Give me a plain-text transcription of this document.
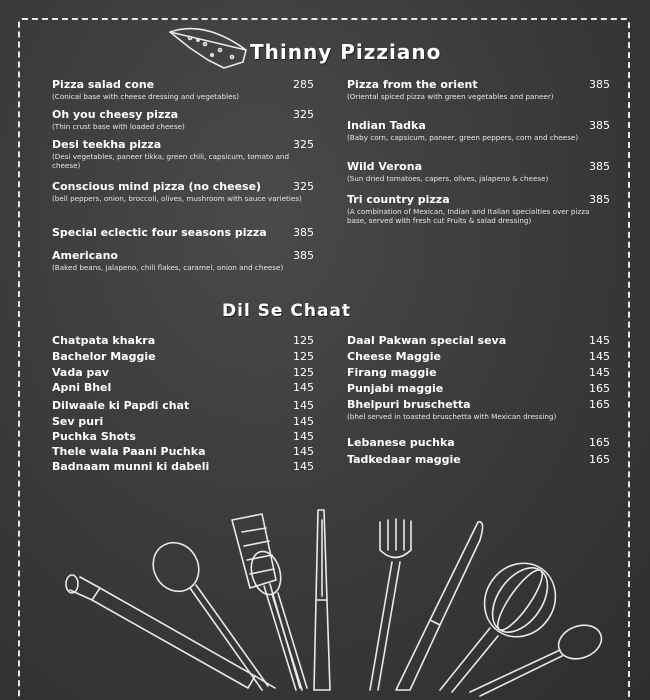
Thinny Pizziano
Dil Se Chaat
Pizza salad cone	285
(Conical base with cheese dressing and vegetables)
Oh you cheesy pizza	325
(Thin crust base with loaded cheese)
Desi teekha pizza	325
(Desi vegetables, paneer tikka, green chili, capsicum, tomato and cheese)
Conscious mind pizza (no cheese)	325
(bell peppers, onion, broccoli, olives, mushroom with sauce varieties)
Special eclectic four seasons pizza	385
Americano	385
(Baked beans, jalapeno, chili flakes, caramel, onion and cheese)
Pizza from the orient	385
(Oriental spiced pizza with green vegetables and paneer)
Indian Tadka	385
(Baby corn, capsicum, paneer, green peppers, corn and cheese)
Wild Verona	385
(Sun dried tomatoes, capers, olives, jalapeno & cheese)
Tri country pizza	385
(A combination of Mexican, Indian and Italian specialties over pizza base, served with fresh cut Fruits & salad dressing)
Chatpata khakra	125
Bachelor Maggie	125
Vada pav	125
Apni Bhel	145
Dilwaale ki Papdi chat	145
Sev puri	145
Puchka Shots	145
Thele wala Paani Puchka	145
Badnaam munni ki dabeli	145
Daal Pakwan special seva	145
Cheese Maggie	145
Firang maggie	145
Punjabi maggie	165
Bhelpuri bruschetta	165
(bhel served in toasted bruschetta with Mexican dressing)
Lebanese puchka	165
Tadkedaar maggie	165
